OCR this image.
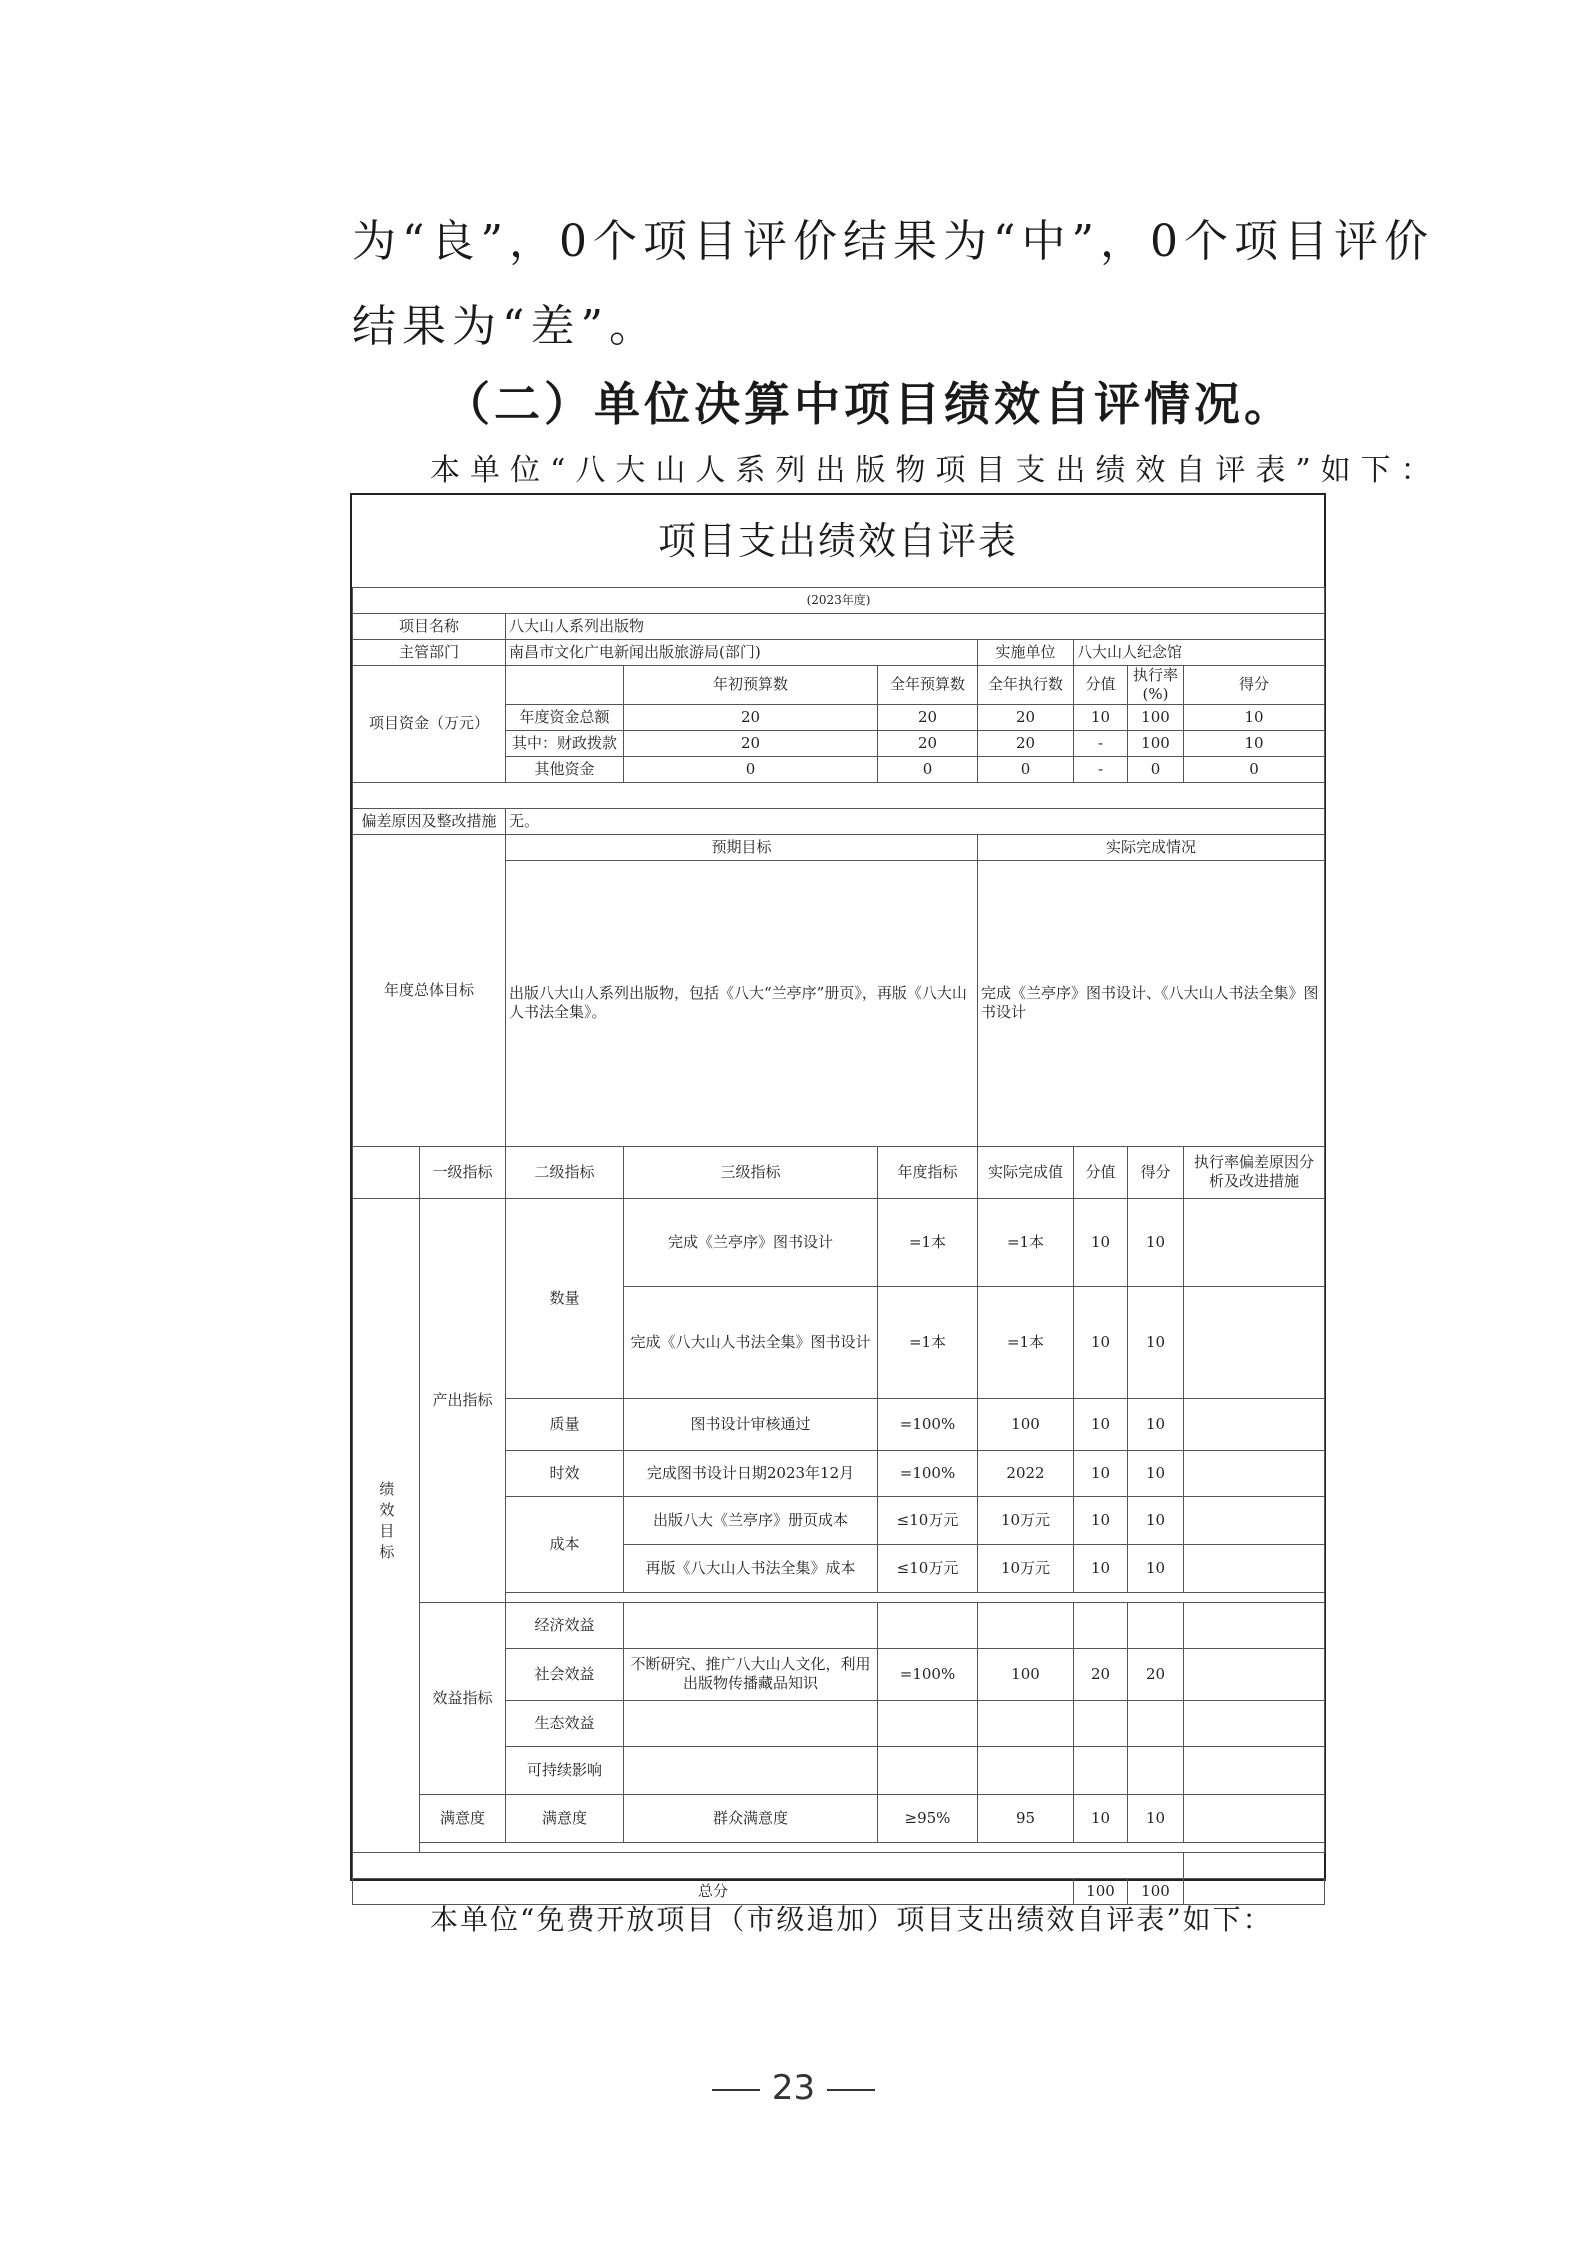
为“良”，0个项目评价结果为“中”，0个项目评价
结果为“差”。
（二）单位决算中项目绩效自评情况。
本单位“八大山人系列出版物项目支出绩效自评表”如下：
项目支出绩效自评表
(2023年度)								
项目名称		八大山人系列出版物						
主管部门		南昌市文化广电新闻出版旅游局(部门)			实施单位	八大山人纪念馆		
项目资金（万元）			年初预算数	全年预算数	全年执行数	分值	执行率(%)	得分
		年度资金总额	20	20	20	10	100	10
		其中：财政拨款	20	20	20	-	100	10
		其他资金	0	0	0	-	0	0

偏差原因及整改措施		无。						
年度总体目标		预期目标			实际完成情况			
		出版八大山人系列出版物，包括《八大“兰亭序”册页》，再版《八大山人书法全集》。			完成《兰亭序》图书设计、《八大山人书法全集》图书设计			
	一级指标	二级指标	三级指标	年度指标	实际完成值	分值	得分	执行率偏差原因分析及改进措施
绩效目标	产出指标	数量	完成《兰亭序》图书设计	=1本	=1本	10	10	
			完成《八大山人书法全集》图书设计	=1本	=1本	10	10	
		质量	图书设计审核通过	=100%	100	10	10	
		时效	完成图书设计日期2023年12月	=100%	2022	10	10	
		成本	出版八大《兰亭序》册页成本	≤10万元	10万元	10	10	
			再版《八大山人书法全集》成本	≤10万元	10万元	10	10	

	效益指标	经济效益						
		社会效益	不断研究、推广八大山人文化，利用出版物传播藏品知识	=100%	100	20	20	
		生态效益						
		可持续影响						
	满意度	满意度	群众满意度	≥95%	95	10	10	

总分						100	100	
本单位“免费开放项目（市级追加）项目支出绩效自评表”如下：
23
